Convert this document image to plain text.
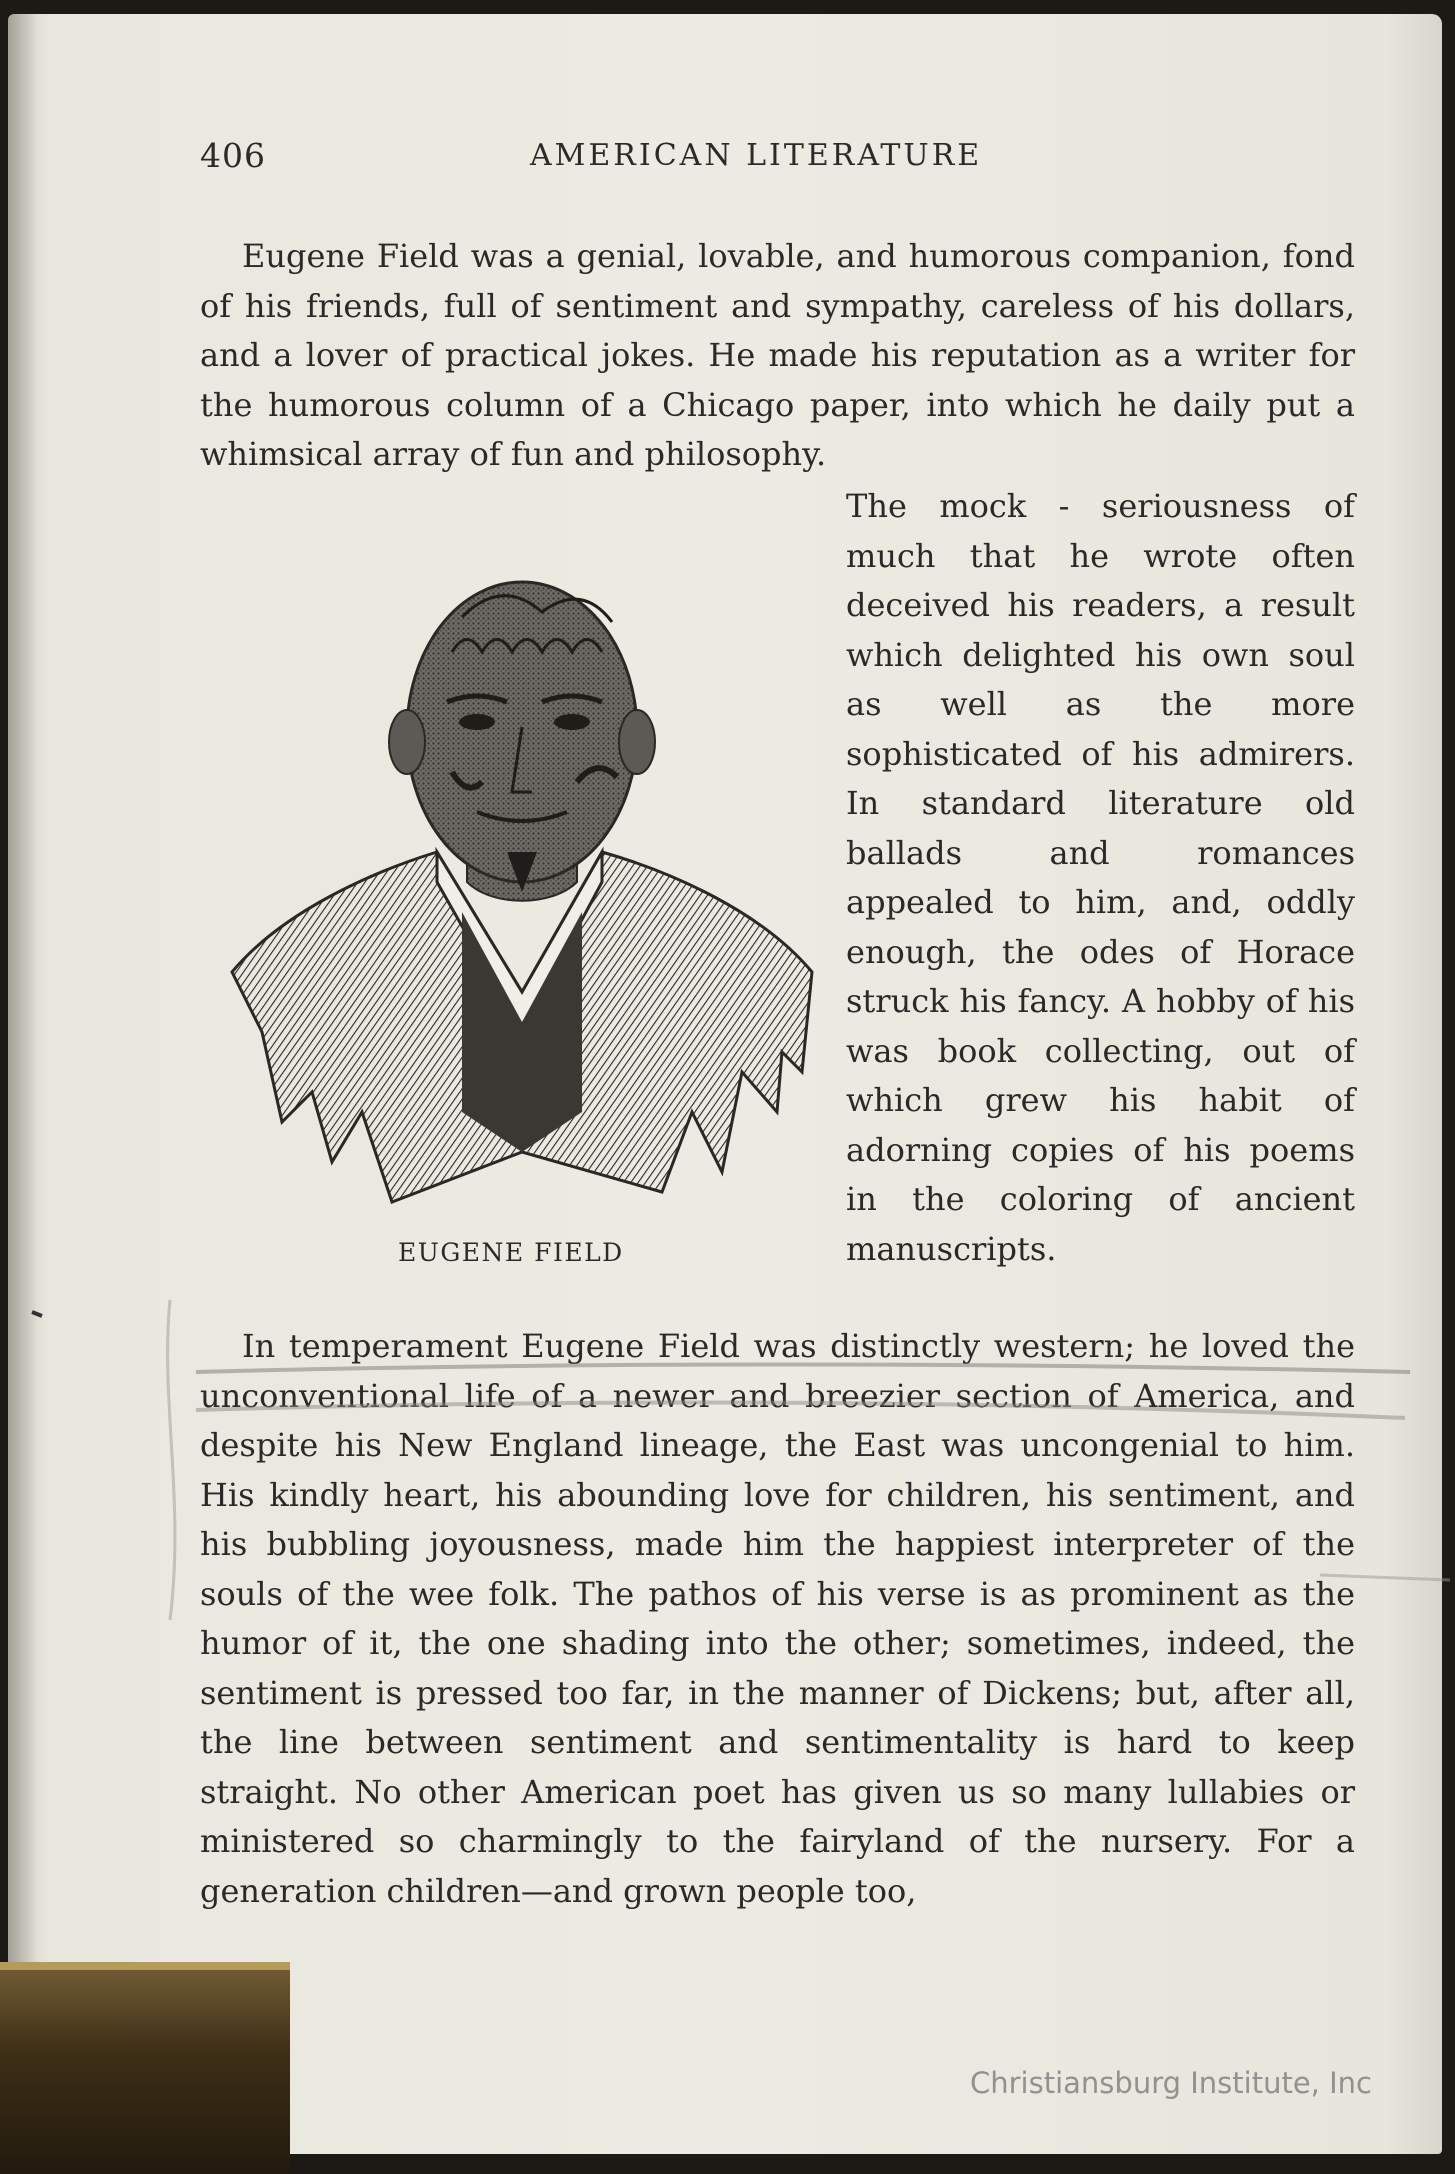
406	AMERICAN LITERATURE

Eugene Field was a genial, lovable, and humorous companion, fond of his friends, full of sentiment and sympathy, careless of his dollars, and a lover of practical jokes. He made his reputation as a writer for the humorous column of a Chicago paper, into which he daily put a whimsical array of fun and philosophy.

EUGENE FIELD

The mock - seriousness of much that he wrote often deceived his readers, a result which delighted his own soul as well as the more sophisticated of his admirers. In standard literature old ballads and romances appealed to him, and, oddly enough, the odes of Horace struck his fancy. A hobby of his was book collecting, out of which grew his habit of adorning copies of his poems in the coloring of ancient manuscripts.

In temperament Eugene Field was distinctly western; he loved the unconventional life of a newer and breezier section of America, and despite his New England lineage, the East was uncongenial to him. His kindly heart, his abounding love for children, his sentiment, and his bubbling joyousness, made him the happiest interpreter of the souls of the wee folk. The pathos of his verse is as prominent as the humor of it, the one shading into the other; sometimes, indeed, the sentiment is pressed too far, in the manner of Dickens; but, after all, the line between sentiment and sentimentality is hard to keep straight. No other American poet has given us so many lullabies or ministered so charmingly to the fairyland of the nursery. For a generation children—and grown people too,

Christiansburg Institute, Inc
